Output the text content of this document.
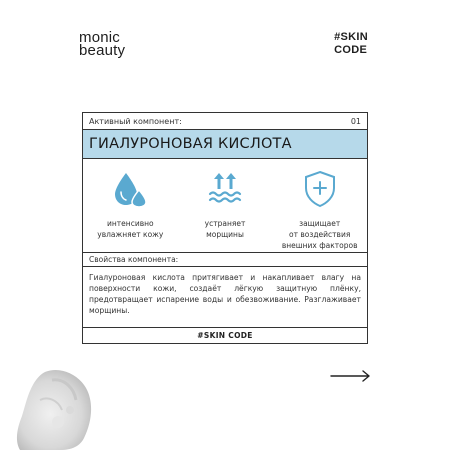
monic
beauty
#SKIN
CODE
Активный компонент:	01
ГИАЛУРОНОВАЯ КИСЛОТА
интенсивно
увлажняет кожу
устраняет
морщины
защищает
от воздействия
внешних факторов
Свойства компонента:
Гиалуроновая кислота притягивает и накапливает влагу на поверхности кожи, создаёт лёгкую защитную плёнку, предотвращает испарение воды и обезвоживание. Разглаживает морщины.
#SKIN CODE
